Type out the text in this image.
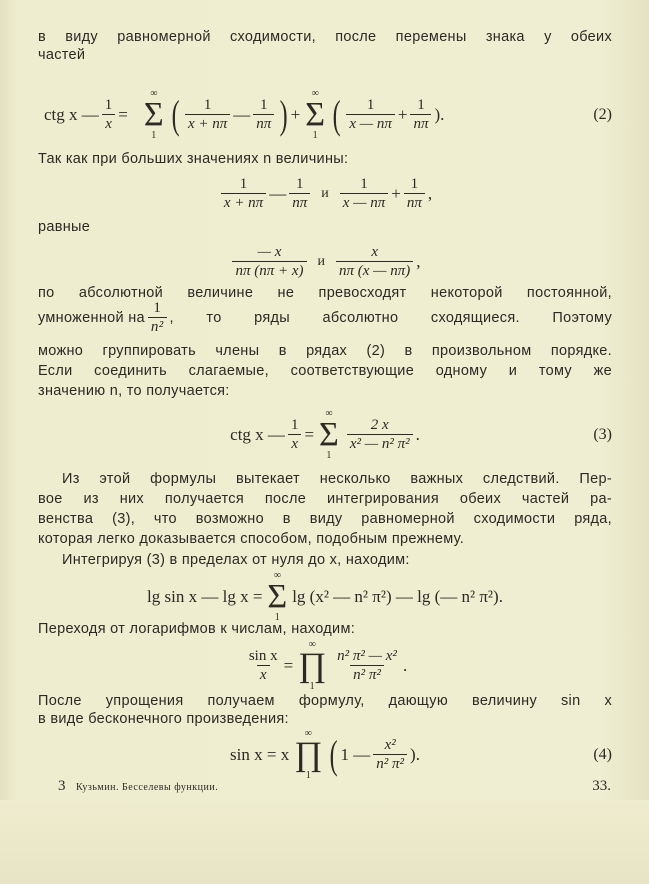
в виду равномерной сходимости, после перемены знака у обеих
частей
ctg x — $\frac{1}{x}$ =
∞
Σ
1 ( $\frac{1}{x + n\pi}$ — $\frac{1}{n\pi}$ ) +
∞
Σ
1 ( $\frac{1}{x — n\pi} + \frac{1}{n\pi}$ ).	(2)
Так как при больших значениях n величины:
$\frac{1}{x + n\pi}$ — $\frac{1}{n\pi}$ и $\frac{1}{x — n\pi} + \frac{1}{n\pi}$ ,
равные
$\frac{— x}{n\pi (n\pi + x)}$ и $\frac{x}{n\pi (x — n\pi)}$ ,
по абсолютной величине не превосходят некоторой постоянной,
умноженной на $\frac{1}{\text{n²}}$ , то ряды абсолютно сходящиеся. Поэтому
можно группировать члены в рядах (2) в произвольном порядке.
Если соединить слагаемые, соответствующие одному и тому же
значению n, то получается:
ctg x — $\frac{1}{x}$ =
∞
Σ
1
$\frac{2 x}{\text{x² — n² π²}}$ .	(3)
Из этой формулы вытекает несколько важных следствий. Пер-
вое из них получается после интегрирования обеих частей ра-
венства (3), что возможно в виду равномерной сходимости ряда,
которая легко доказывается способом, подобным прежнему.
Интегрируя (3) в пределах от нуля до x, находим:
lg sin x — lg x =
∞
Σ
1
lg (x² — n² π²) — lg (— n² π²).
Переходя от логарифмов к числам, находим:
$\frac{\text{sin x}}{x}$ =
∞
∏
1
$\frac{\text{n² π² — x²}}{\text{n² π²}}$ .
После упрощения получаем формулу, дающую величину sin x
в виде бесконечного произведения:
sin x = x
∞
∏
1 ( 1 — $\frac{\text{x²}}{\text{n² π²}}$ ).	(4)
3 Кузьмин. Бесселевы функции.	33.
